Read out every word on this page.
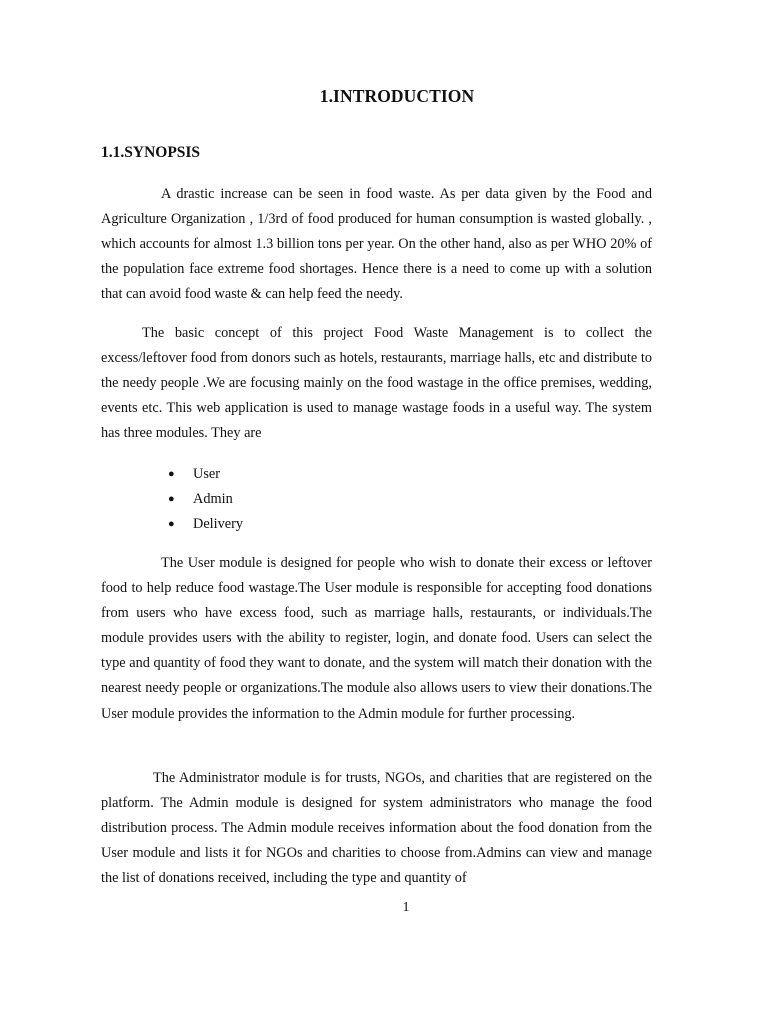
1.INTRODUCTION
1.1.SYNOPSIS

A drastic increase can be seen in food waste. As per data given by the Food and Agriculture Organization , 1/3rd of food produced for human consumption is wasted globally. , which accounts for almost 1.3 billion tons per year. On the other hand, also as per WHO 20% of the population face extreme food shortages. Hence there is a need to come up with a solution that can avoid food waste & can help feed the needy.

The basic concept of this project Food Waste Management is to collect the excess/leftover food from donors such as hotels, restaurants, marriage halls, etc and distribute to the needy people .We are focusing mainly on the food wastage in the office premises, wedding, events etc. This web application is used to manage wastage foods in a useful way. The system has three modules. They are

● User
● Admin
● Delivery

The User module is designed for people who wish to donate their excess or leftover food to help reduce food wastage.The User module is responsible for accepting food donations from users who have excess food, such as marriage halls, restaurants, or individuals.The module provides users with the ability to register, login, and donate food. Users can select the type and quantity of food they want to donate, and the system will match their donation with the nearest needy people or organizations.The module also allows users to view their donations.The User module provides the information to the Admin module for further processing.

The Administrator module is for trusts, NGOs, and charities that are registered on the platform. The Admin module is designed for system administrators who manage the food distribution process. The Admin module receives information about the food donation from the User module and lists it for NGOs and charities to choose from.Admins can view and manage the list of donations received, including the type and quantity of

1
